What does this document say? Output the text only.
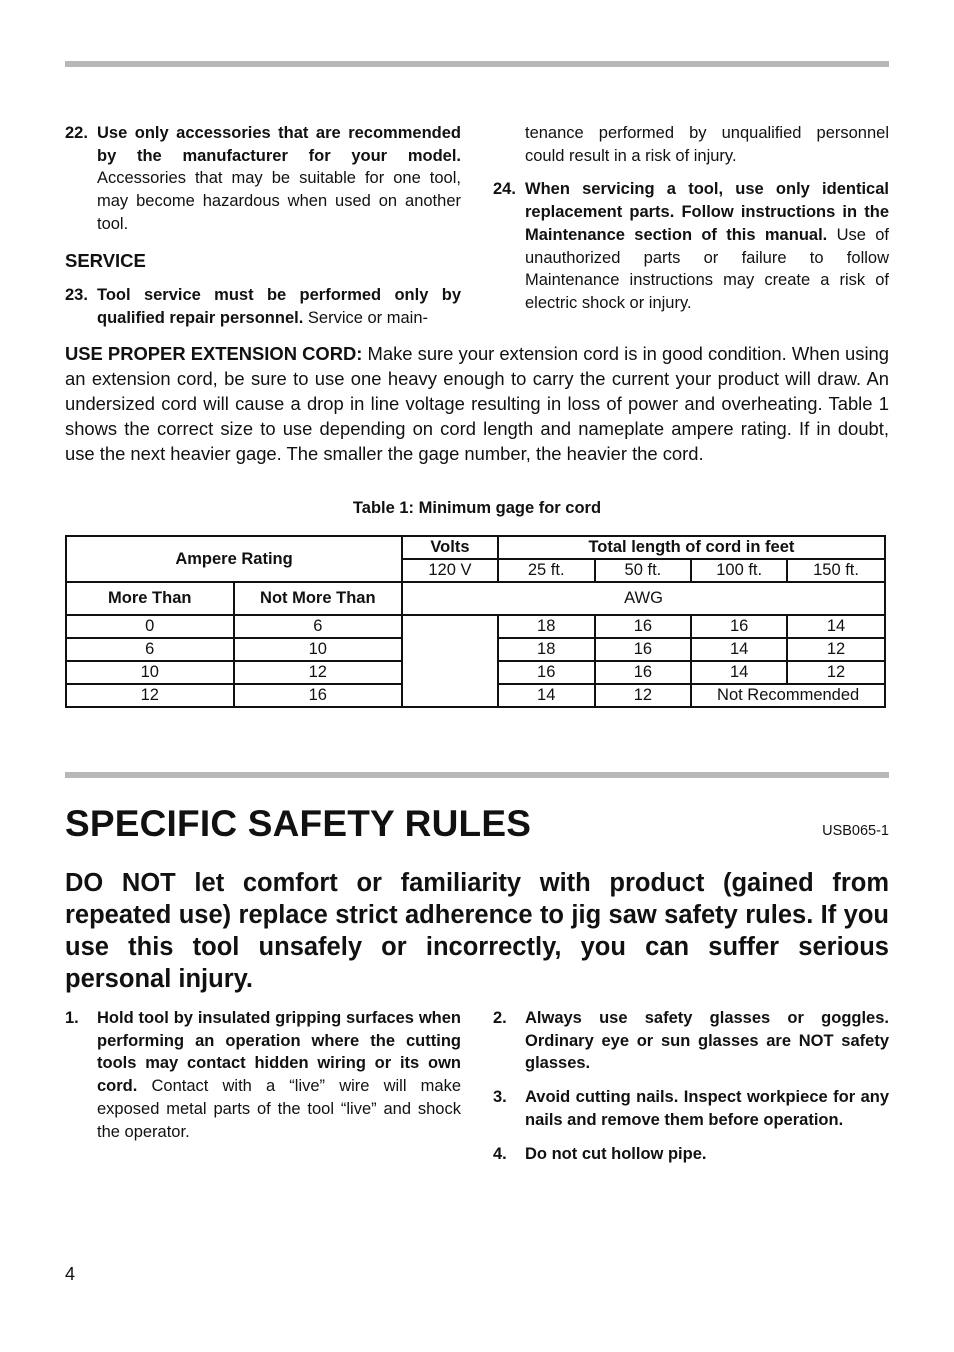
22. Use only accessories that are recommended by the manufacturer for your model. Accessories that may be suitable for one tool, may become hazardous when used on another tool.
SERVICE
23. Tool service must be performed only by qualified repair personnel. Service or main-
tenance performed by unqualified personnel could result in a risk of injury.
24. When servicing a tool, use only identical replacement parts. Follow instructions in the Maintenance section of this manual. Use of unauthorized parts or failure to follow Maintenance instructions may create a risk of electric shock or injury.
USE PROPER EXTENSION CORD: Make sure your extension cord is in good condition. When using an extension cord, be sure to use one heavy enough to carry the current your product will draw. An undersized cord will cause a drop in line voltage resulting in loss of power and overheating. Table 1 shows the correct size to use depending on cord length and nameplate ampere rating. If in doubt, use the next heavier gage. The smaller the gage number, the heavier the cord.
Table 1: Minimum gage for cord
Ampere Rating		Volts	Total length of cord in feet			
		120 V	25 ft.	50 ft.	100 ft.	150 ft.
More Than	Not More Than	AWG				
0	6		18	16	16	14
6	10		18	16	14	12
10	12		16	16	14	12
12	16		14	12	Not Recommended	
SPECIFIC SAFETY RULES	USB065-1
DO NOT let comfort or familiarity with product (gained from repeated use) replace strict adherence to jig saw safety rules. If you use this tool unsafely or incorrectly, you can suffer serious personal injury.
1.	Hold tool by insulated gripping surfaces when performing an operation where the cutting tools may contact hidden wiring or its own cord. Contact with a “live” wire will make exposed metal parts of the tool “live” and shock the operator.
2.	Always use safety glasses or goggles. Ordinary eye or sun glasses are NOT safety glasses.
3.	Avoid cutting nails. Inspect workpiece for any nails and remove them before operation.
4.	Do not cut hollow pipe.
4
